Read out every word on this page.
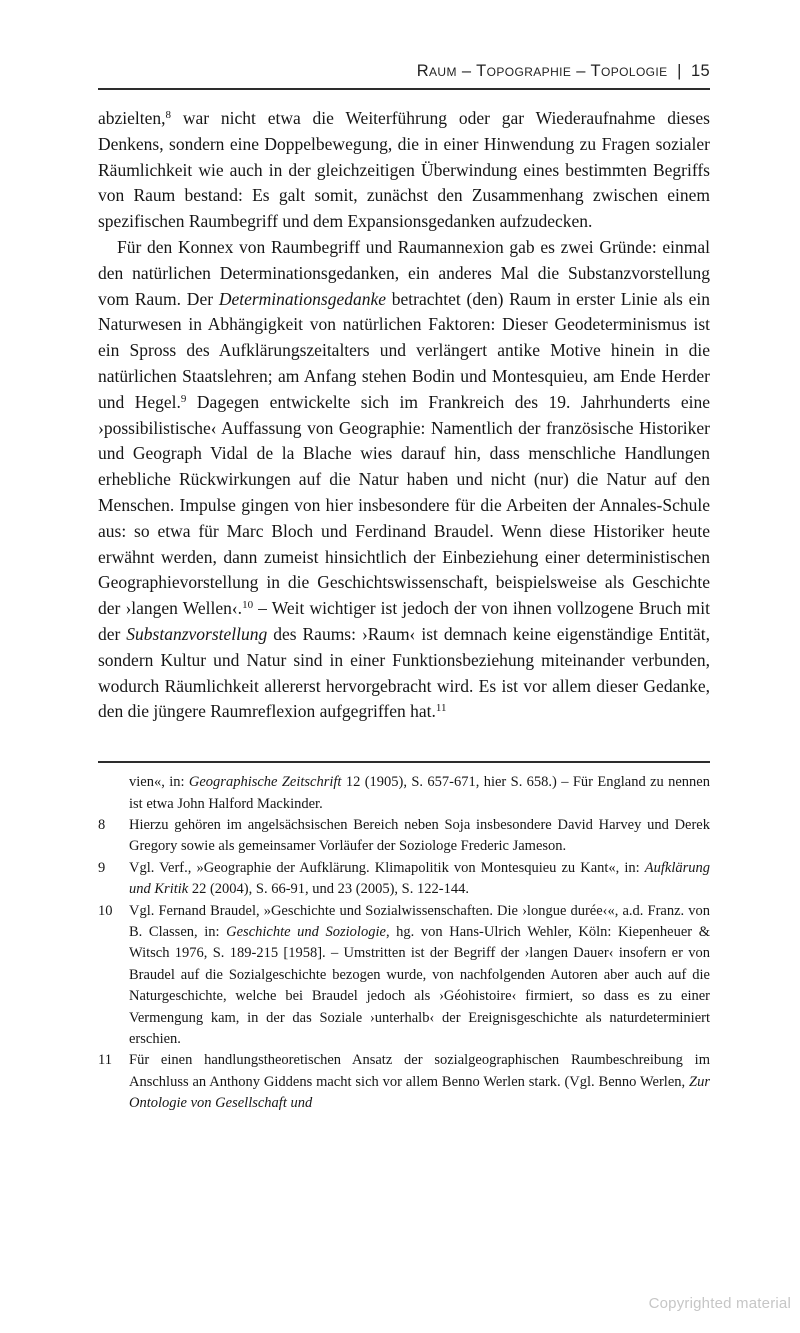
Raum – Topographie – Topologie | 15

abzielten,$^8$ war nicht etwa die Weiterführung oder gar Wiederaufnahme dieses Denkens, sondern eine Doppelbewegung, die in einer Hinwendung zu Fragen sozialer Räumlichkeit wie auch in der gleichzeitigen Überwindung eines bestimmten Begriffs von Raum bestand: Es galt somit, zunächst den Zusammenhang zwischen einem spezifischen Raumbegriff und dem Expansionsgedanken aufzudecken.

Für den Konnex von Raumbegriff und Raumannexion gab es zwei Gründe: einmal den natürlichen Determinationsgedanken, ein anderes Mal die Substanzvorstellung vom Raum. Der Determinationsgedanke betrachtet (den) Raum in erster Linie als ein Naturwesen in Abhängigkeit von natürlichen Faktoren: Dieser Geodeterminismus ist ein Spross des Aufklärungszeitalters und verlängert antike Motive hinein in die natürlichen Staatslehren; am Anfang stehen Bodin und Montesquieu, am Ende Herder und Hegel.$^9$ Dagegen entwickelte sich im Frankreich des 19. Jahrhunderts eine ›possibilistische‹ Auffassung von Geographie: Namentlich der französische Historiker und Geograph Vidal de la Blache wies darauf hin, dass menschliche Handlungen erhebliche Rückwirkungen auf die Natur haben und nicht (nur) die Natur auf den Menschen. Impulse gingen von hier insbesondere für die Arbeiten der Annales-Schule aus: so etwa für Marc Bloch und Ferdinand Braudel. Wenn diese Historiker heute erwähnt werden, dann zumeist hinsichtlich der Einbeziehung einer deterministischen Geographievorstellung in die Geschichtswissenschaft, beispielsweise als Geschichte der ›langen Wellen‹.$^{10}$ – Weit wichtiger ist jedoch der von ihnen vollzogene Bruch mit der Substanzvorstellung des Raums: ›Raum‹ ist demnach keine eigenständige Entität, sondern Kultur und Natur sind in einer Funktionsbeziehung miteinander verbunden, wodurch Räumlichkeit allererst hervorgebracht wird. Es ist vor allem dieser Gedanke, den die jüngere Raumreflexion aufgegriffen hat.$^{11}$

vien«, in: Geographische Zeitschrift 12 (1905), S. 657-671, hier S. 658.) – Für England zu nennen ist etwa John Halford Mackinder.
8	Hierzu gehören im angelsächsischen Bereich neben Soja insbesondere David Harvey und Derek Gregory sowie als gemeinsamer Vorläufer der Soziologe Frederic Jameson.
9	Vgl. Verf., »Geographie der Aufklärung. Klimapolitik von Montesquieu zu Kant«, in: Aufklärung und Kritik 22 (2004), S. 66-91, und 23 (2005), S. 122-144.
10	Vgl. Fernand Braudel, »Geschichte und Sozialwissenschaften. Die ›longue durée‹«, a.d. Franz. von B. Classen, in: Geschichte und Soziologie, hg. von Hans-Ulrich Wehler, Köln: Kiepenheuer & Witsch 1976, S. 189-215 [1958]. – Umstritten ist der Begriff der ›langen Dauer‹ insofern er von Braudel auf die Sozialgeschichte bezogen wurde, von nachfolgenden Autoren aber auch auf die Naturgeschichte, welche bei Braudel jedoch als ›Géohistoire‹ firmiert, so dass es zu einer Vermengung kam, in der das Soziale ›unterhalb‹ der Ereignisgeschichte als naturdeterminiert erschien.
11	Für einen handlungstheoretischen Ansatz der sozialgeographischen Raumbeschreibung im Anschluss an Anthony Giddens macht sich vor allem Benno Werlen stark. (Vgl. Benno Werlen, Zur Ontologie von Gesellschaft und
Copyrighted material
